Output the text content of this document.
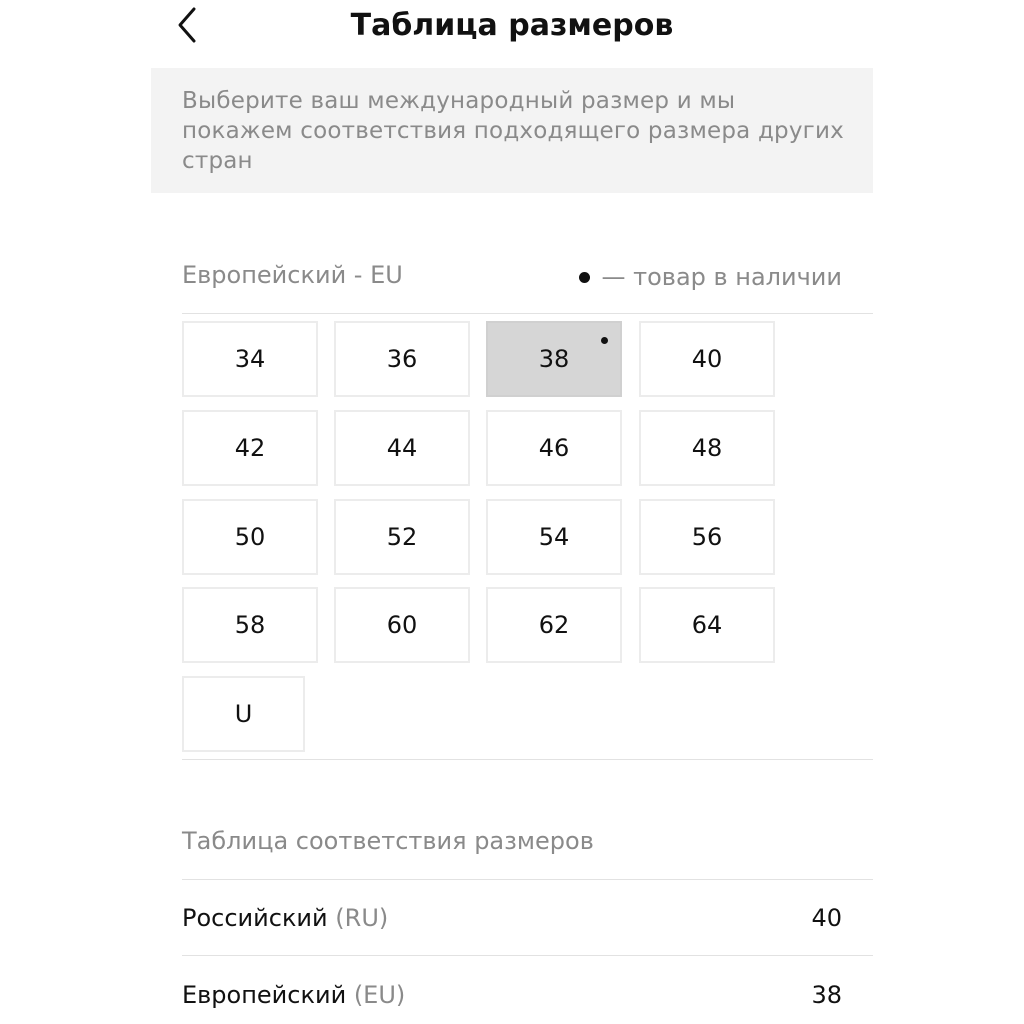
Таблица размеров
Выберите ваш международный размер и мы покажем соответствия подходящего размера других стран
Европейский - EU	— товар в наличии
34	36	38	40
42	44	46	48
50	52	54	56
58	60	62	64
U
Таблица соответствия размеров
Российский (RU)	40
Европейский (EU)	38
